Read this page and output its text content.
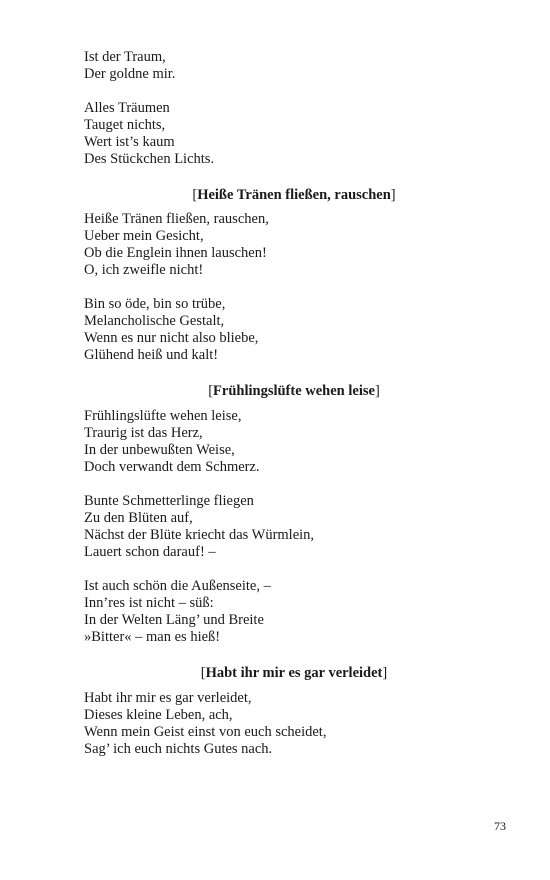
Ist der Traum,
Der goldne mir.
Alles Träumen
Tauget nichts,
Wert ist’s kaum
Des Stückchen Lichts.
[Heiße Tränen fließen, rauschen]
Heiße Tränen fließen, rauschen,
Ueber mein Gesicht,
Ob die Englein ihnen lauschen!
O, ich zweifle nicht!
Bin so öde, bin so trübe,
Melancholische Gestalt,
Wenn es nur nicht also bliebe,
Glühend heiß und kalt!
[Frühlingslüfte wehen leise]
Frühlingslüfte wehen leise,
Traurig ist das Herz,
In der unbewußten Weise,
Doch verwandt dem Schmerz.
Bunte Schmetterlinge fliegen
Zu den Blüten auf,
Nächst der Blüte kriecht das Würmlein,
Lauert schon darauf! –
Ist auch schön die Außenseite, –
Inn’res ist nicht – süß:
In der Welten Läng’ und Breite
»Bitter« – man es hieß!
[Habt ihr mir es gar verleidet]
Habt ihr mir es gar verleidet,
Dieses kleine Leben, ach,
Wenn mein Geist einst von euch scheidet,
Sag’ ich euch nichts Gutes nach.
73
